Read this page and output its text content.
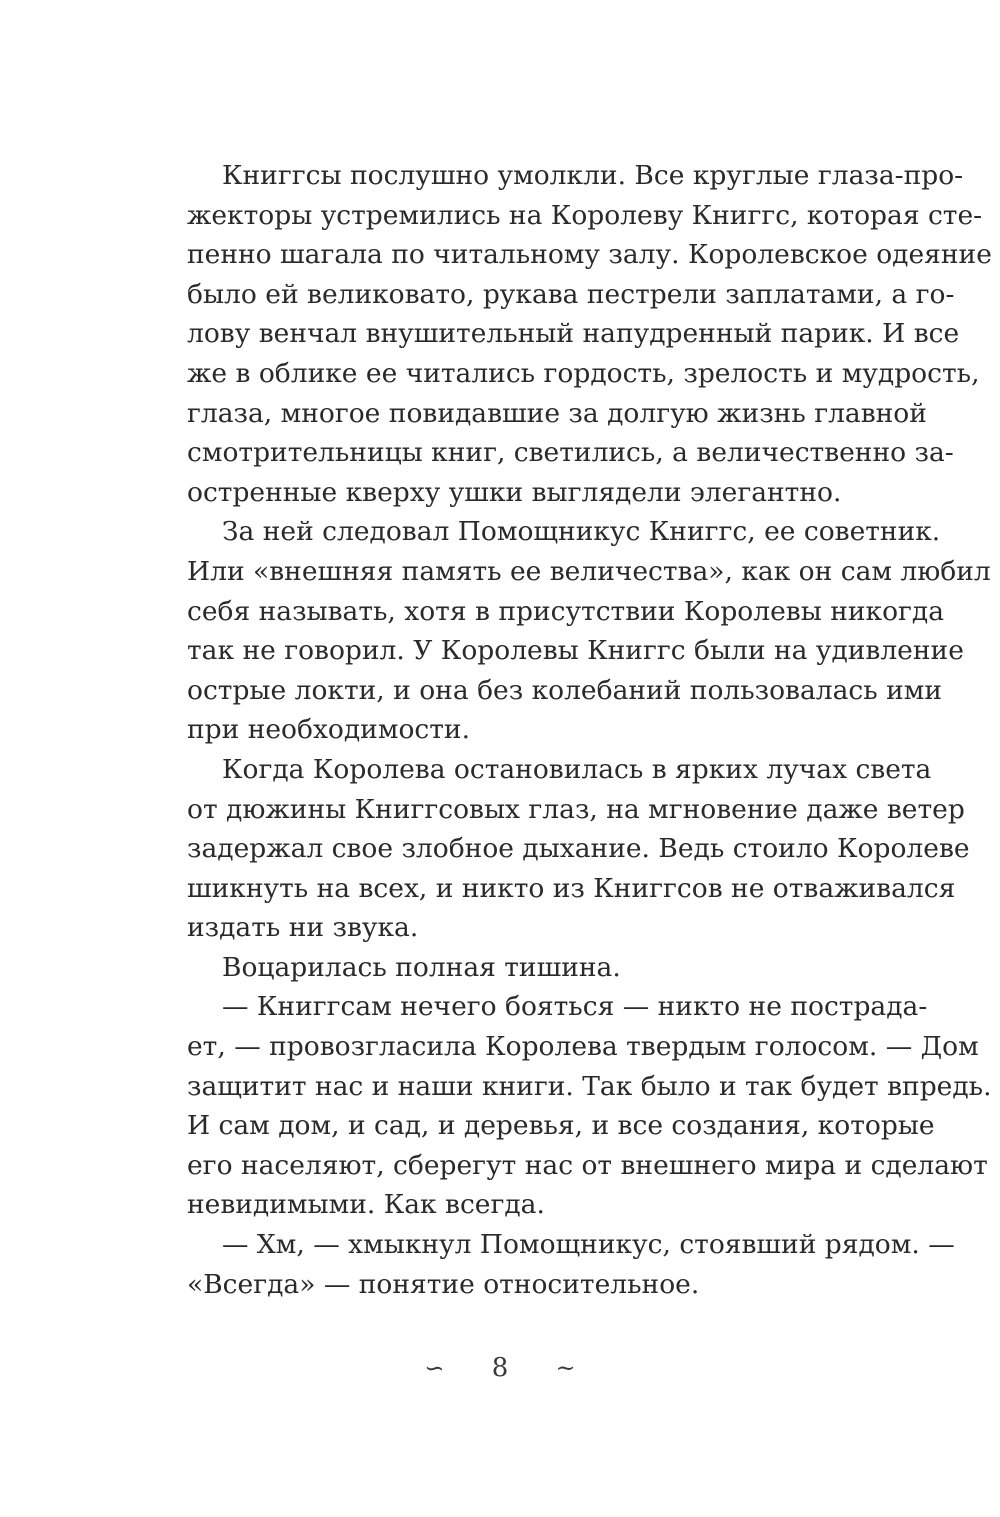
Книггсы послушно умолкли. Все круглые глаза-про-
жекторы устремились на Королеву Книггс, которая сте-
пенно шагала по читальному залу. Королевское одеяние
было ей великовато, рукава пестрели заплатами, а го-
лову венчал внушительный напудренный парик. И все
же в облике ее читались гордость, зрелость и мудрость,
глаза, многое повидавшие за долгую жизнь главной
смотрительницы книг, светились, а величественно за-
остренные кверху ушки выглядели элегантно.
За ней следовал Помощникус Книггс, ее советник.
Или «внешняя память ее величества», как он сам любил
себя называть, хотя в присутствии Королевы никогда
так не говорил. У Королевы Книггс были на удивление
острые локти, и она без колебаний пользовалась ими
при необходимости.
Когда Королева остановилась в ярких лучах света
от дюжины Книггсовых глаз, на мгновение даже ветер
задержал свое злобное дыхание. Ведь стоило Королеве
шикнуть на всех, и никто из Книггсов не отваживался
издать ни звука.
Воцарилась полная тишина.
— Книггсам нечего бояться — никто не пострада-
ет, — провозгласила Королева твердым голосом. — Дом
защитит нас и наши книги. Так было и так будет впредь.
И сам дом, и сад, и деревья, и все создания, которые
его населяют, сберегут нас от внешнего мира и сделают
невидимыми. Как всегда.
— Хм, — хмыкнул Помощникус, стоявший рядом. —
«Всегда» — понятие относительное.
∽ 8 ~
